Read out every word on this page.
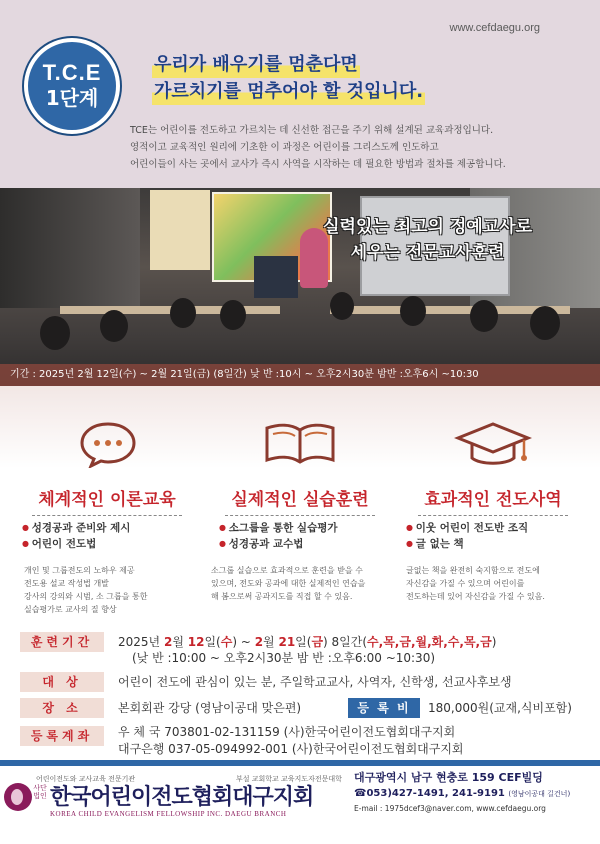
www.cefdaegu.org
T.C.E
1단계
우리가 배우기를 멈춘다면
가르치기를 멈추어야 할 것입니다.
TCE는 어린이를 전도하고 가르치는 데 신선한 접근을 주기 위해 설계된 교육과정입니다.
영적이고 교육적인 원리에 기초한 이 과정은 어린이를 그리스도께 인도하고
어린이들이 사는 곳에서 교사가 즉시 사역을 시작하는 데 필요한 방법과 절차를 제공합니다.
실력있는 최고의 정예교사로
세우는 전문교사훈련
기간 : 2025년 2월 12일(수) ~ 2월 21일(금) (8일간) 낮 반 :10시 ~ 오후2시30분 밤반 :오후6시 ~10:30
체계적인 이론교육
● 성경공과 준비와 제시
● 어린이 전도법
개인 및 그룹전도의 노하우 제공
전도용 설교 작성법 개발
강사의 강의와 시범, 소 그룹을 통한
실습평가로 교사의 질 향상
실제적인 실습훈련
● 소그룹을 통한 실습평가
● 성경공과 교수법
소그룹 실습으로 효과적으로 훈련을 받을 수
있으며, 전도와 공과에 대한 실제적인 연습을
해 봄으로써 공과지도를 직접 할 수 있음.
효과적인 전도사역
● 이웃 어린이 전도반 조직
● 글 없는 책
글없는 책을 완전히 숙지함으로 전도에
자신감을 가질 수 있으며 어린이를
전도하는데 있어 자신감을 가질 수 있음.
훈련기간	2025년 2월 12일(수) ~ 2월 21일(금) 8일간(수,목,금,월,화,수,목,금)
(낮 반 :10:00 ~ 오후2시30분 밤 반 :오후6:00 ~10:30)
대 상	어린이 전도에 관심이 있는 분, 주일학교교사, 사역자, 신학생, 선교사후보생
장 소	본회회관 강당 (영남이공대 맞은편)	등 록 비	180,000원(교재,식비포함)
등록계좌	우 체 국 703801-02-131159 (사)한국어린이전도협회대구지회
대구은행 037-05-094992-001 (사)한국어린이전도협회대구지회
어린이전도와 교사교육 전문기관	부설 교회학교 교육지도자전문대학
사단법인 한국어린이전도협회대구지회
KOREA CHILD EVANGELISM FELLOWSHIP INC. DAEGU BRANCH
대구광역시 남구 현충로 159 CEF빌딩
☎053)427-1491, 241-9191 (영남이공대 길건너)
E-mail : 1975dcef3@naver.com, www.cefdaegu.org
